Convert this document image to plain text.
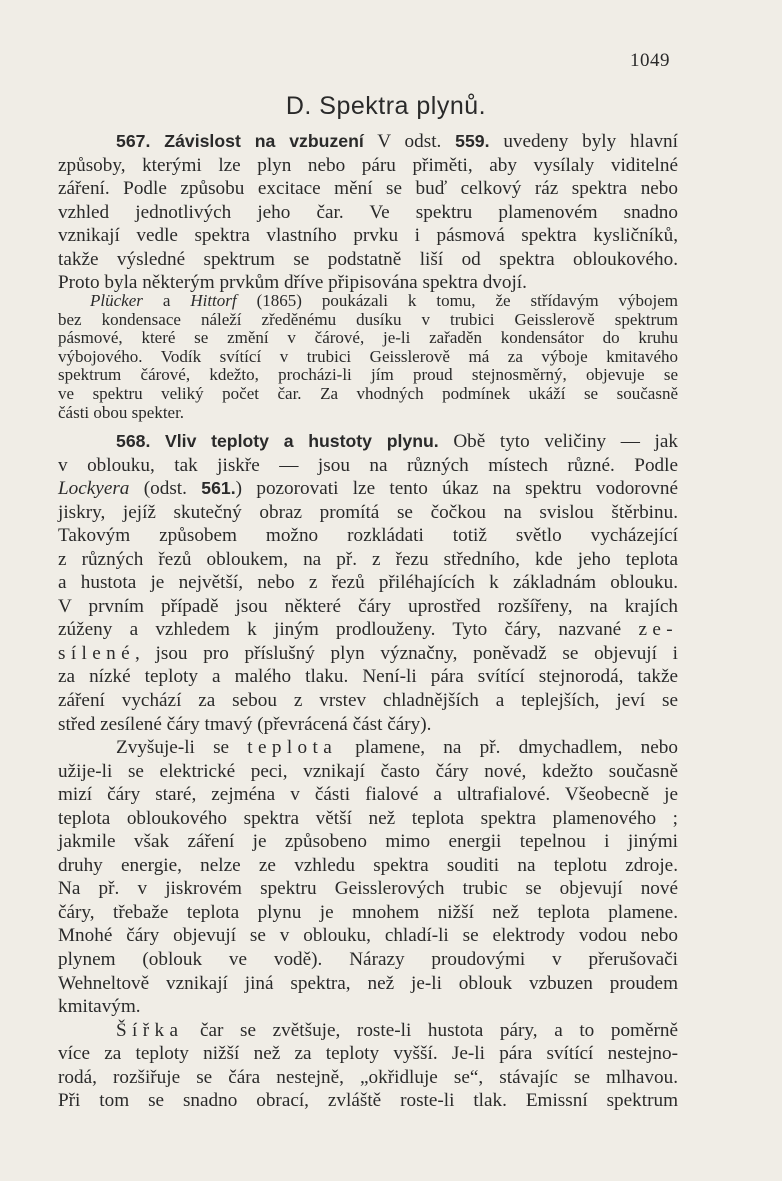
1049
D. Spektra plynů.
567. Závislost na vzbuzení V odst. 559. uvedeny byly hlavní
způsoby, kterými lze plyn nebo páru přiměti, aby vysílaly viditelné
záření. Podle způsobu excitace mění se buď celkový ráz spektra nebo
vzhled jednotlivých jeho čar. Ve spektru plamenovém snadno
vznikají vedle spektra vlastního prvku i pásmová spektra kysličníků,
takže výsledné spektrum se podstatně liší od spektra obloukového.
Proto byla některým prvkům dříve připisována spektra dvojí.
Plücker a Hittorf (1865) poukázali k tomu, že střídavým výbojem
bez kondensace náleží zředěnému dusíku v trubici Geisslerově spektrum
pásmové, které se změní v čárové, je-li zařaděn kondensátor do kruhu
výbojového. Vodík svítící v trubici Geisslerově má za výboje kmitavého
spektrum čárové, kdežto, procházi-li jím proud stejnosměrný, objevuje se
ve spektru veliký počet čar. Za vhodných podmínek ukáží se současně
části obou spekter.
568. Vliv teploty a hustoty plynu. Obě tyto veličiny — jak
v oblouku, tak jiskře — jsou na různých místech různé. Podle
Lockyera (odst. 561.) pozorovati lze tento úkaz na spektru vodorovné
jiskry, jejíž skutečný obraz promítá se čočkou na svislou štěrbinu.
Takovým způsobem možno rozkládati totiž světlo vycházející
z různých řezů obloukem, na př. z řezu středního, kde jeho teplota
a hustota je největší, nebo z řezů přiléhajících k základnám oblouku.
V prvním případě jsou některé čáry uprostřed rozšířeny, na krajích
zúženy a vzhledem k jiným prodlouženy. Tyto čáry, nazvané ze-
sílené, jsou pro příslušný plyn význačny, poněvadž se objevují i
za nízké teploty a malého tlaku. Není-li pára svítící stejnorodá, takže
záření vychází za sebou z vrstev chladnějších a teplejších, jeví se
střed zesílené čáry tmavý (převrácená část čáry).
Zvyšuje-li se teplota plamene, na př. dmychadlem, nebo
užije-li se elektrické peci, vznikají často čáry nové, kdežto současně
mizí čáry staré, zejména v části fialové a ultrafialové. Všeobecně je
teplota obloukového spektra větší než teplota spektra plamenového ;
jakmile však záření je způsobeno mimo energii tepelnou i jinými
druhy energie, nelze ze vzhledu spektra souditi na teplotu zdroje.
Na př. v jiskrovém spektru Geisslerových trubic se objevují nové
čáry, třebaže teplota plynu je mnohem nižší než teplota plamene.
Mnohé čáry objevují se v oblouku, chladí-li se elektrody vodou nebo
plynem (oblouk ve vodě). Nárazy proudovými v přerušovači
Wehneltově vznikají jiná spektra, než je-li oblouk vzbuzen proudem
kmitavým.
Šířka čar se zvětšuje, roste-li hustota páry, a to poměrně
více za teploty nižší než za teploty vyšší. Je-li pára svítící nestejno-
rodá, rozšiřuje se čára nestejně, „okřidluje se“, stávajíc se mlhavou.
Při tom se snadno obrací, zvláště roste-li tlak. Emissní spektrum
